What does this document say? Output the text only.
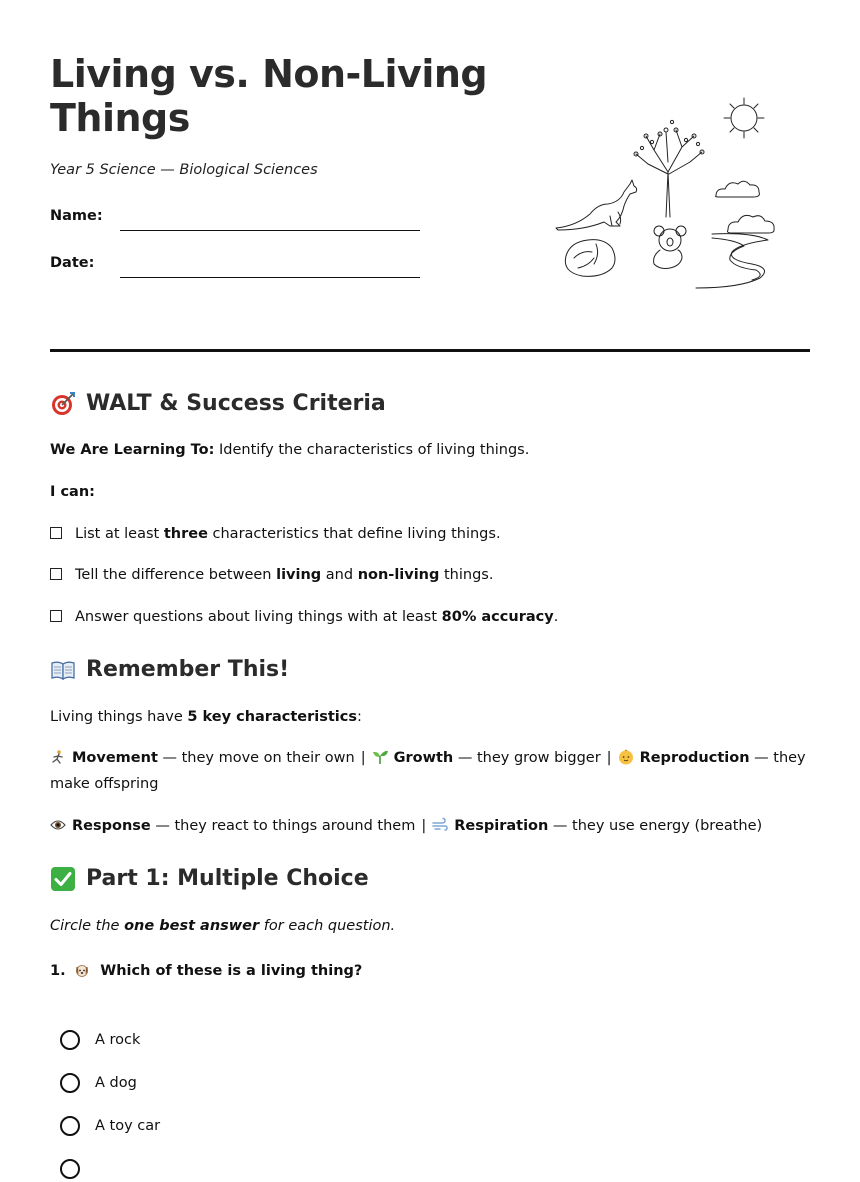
Living vs. Non-Living Things

Year 5 Science — Biological Sciences

Name:
Date:
WALT & Success Criteria

We Are Learning To: Identify the characteristics of living things.

I can:

List at least three characteristics that define living things.

Tell the difference between living and non-living things.

Answer questions about living things with at least 80% accuracy.

Remember This!

Living things have 5 key characteristics:

Movement — they move on their own | Growth — they grow bigger | Reproduction — they make offspring

Response — they react to things around them | Respiration — they use energy (breathe)

Part 1: Multiple Choice

Circle the one best answer for each question.

1. Which of these is a living thing?

A rock
A dog
A toy car
